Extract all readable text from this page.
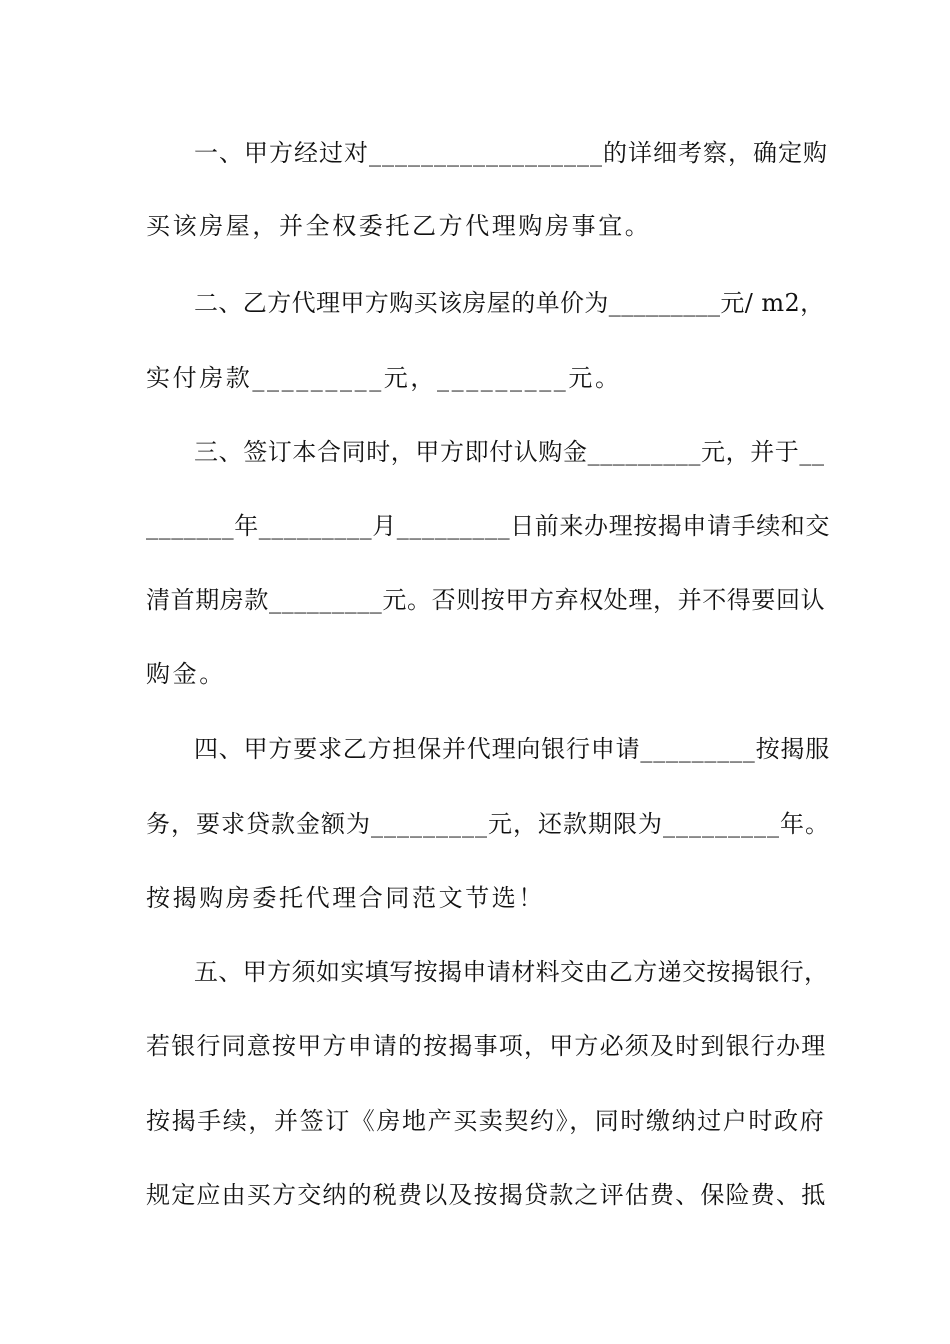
一、甲方经过对__________________的详细考察，确定购
买该房屋，并全权委托乙方代理购房事宜。
二、乙方代理甲方购买该房屋的单价为_________元/ m2，
实付房款_________元，_________元。
三、签订本合同时，甲方即付认购金_________元，并于__
_______年_________月_________日前来办理按揭申请手续和交
清首期房款_________元。否则按甲方弃权处理，并不得要回认
购金。
四、甲方要求乙方担保并代理向银行申请_________按揭服
务，要求贷款金额为_________元，还款期限为_________年。
按揭购房委托代理合同范文节选！
五、甲方须如实填写按揭申请材料交由乙方递交按揭银行，
若银行同意按甲方申请的按揭事项，甲方必须及时到银行办理
按揭手续，并签订《房地产买卖契约》，同时缴纳过户时政府
规定应由买方交纳的税费以及按揭贷款之评估费、保险费、抵
